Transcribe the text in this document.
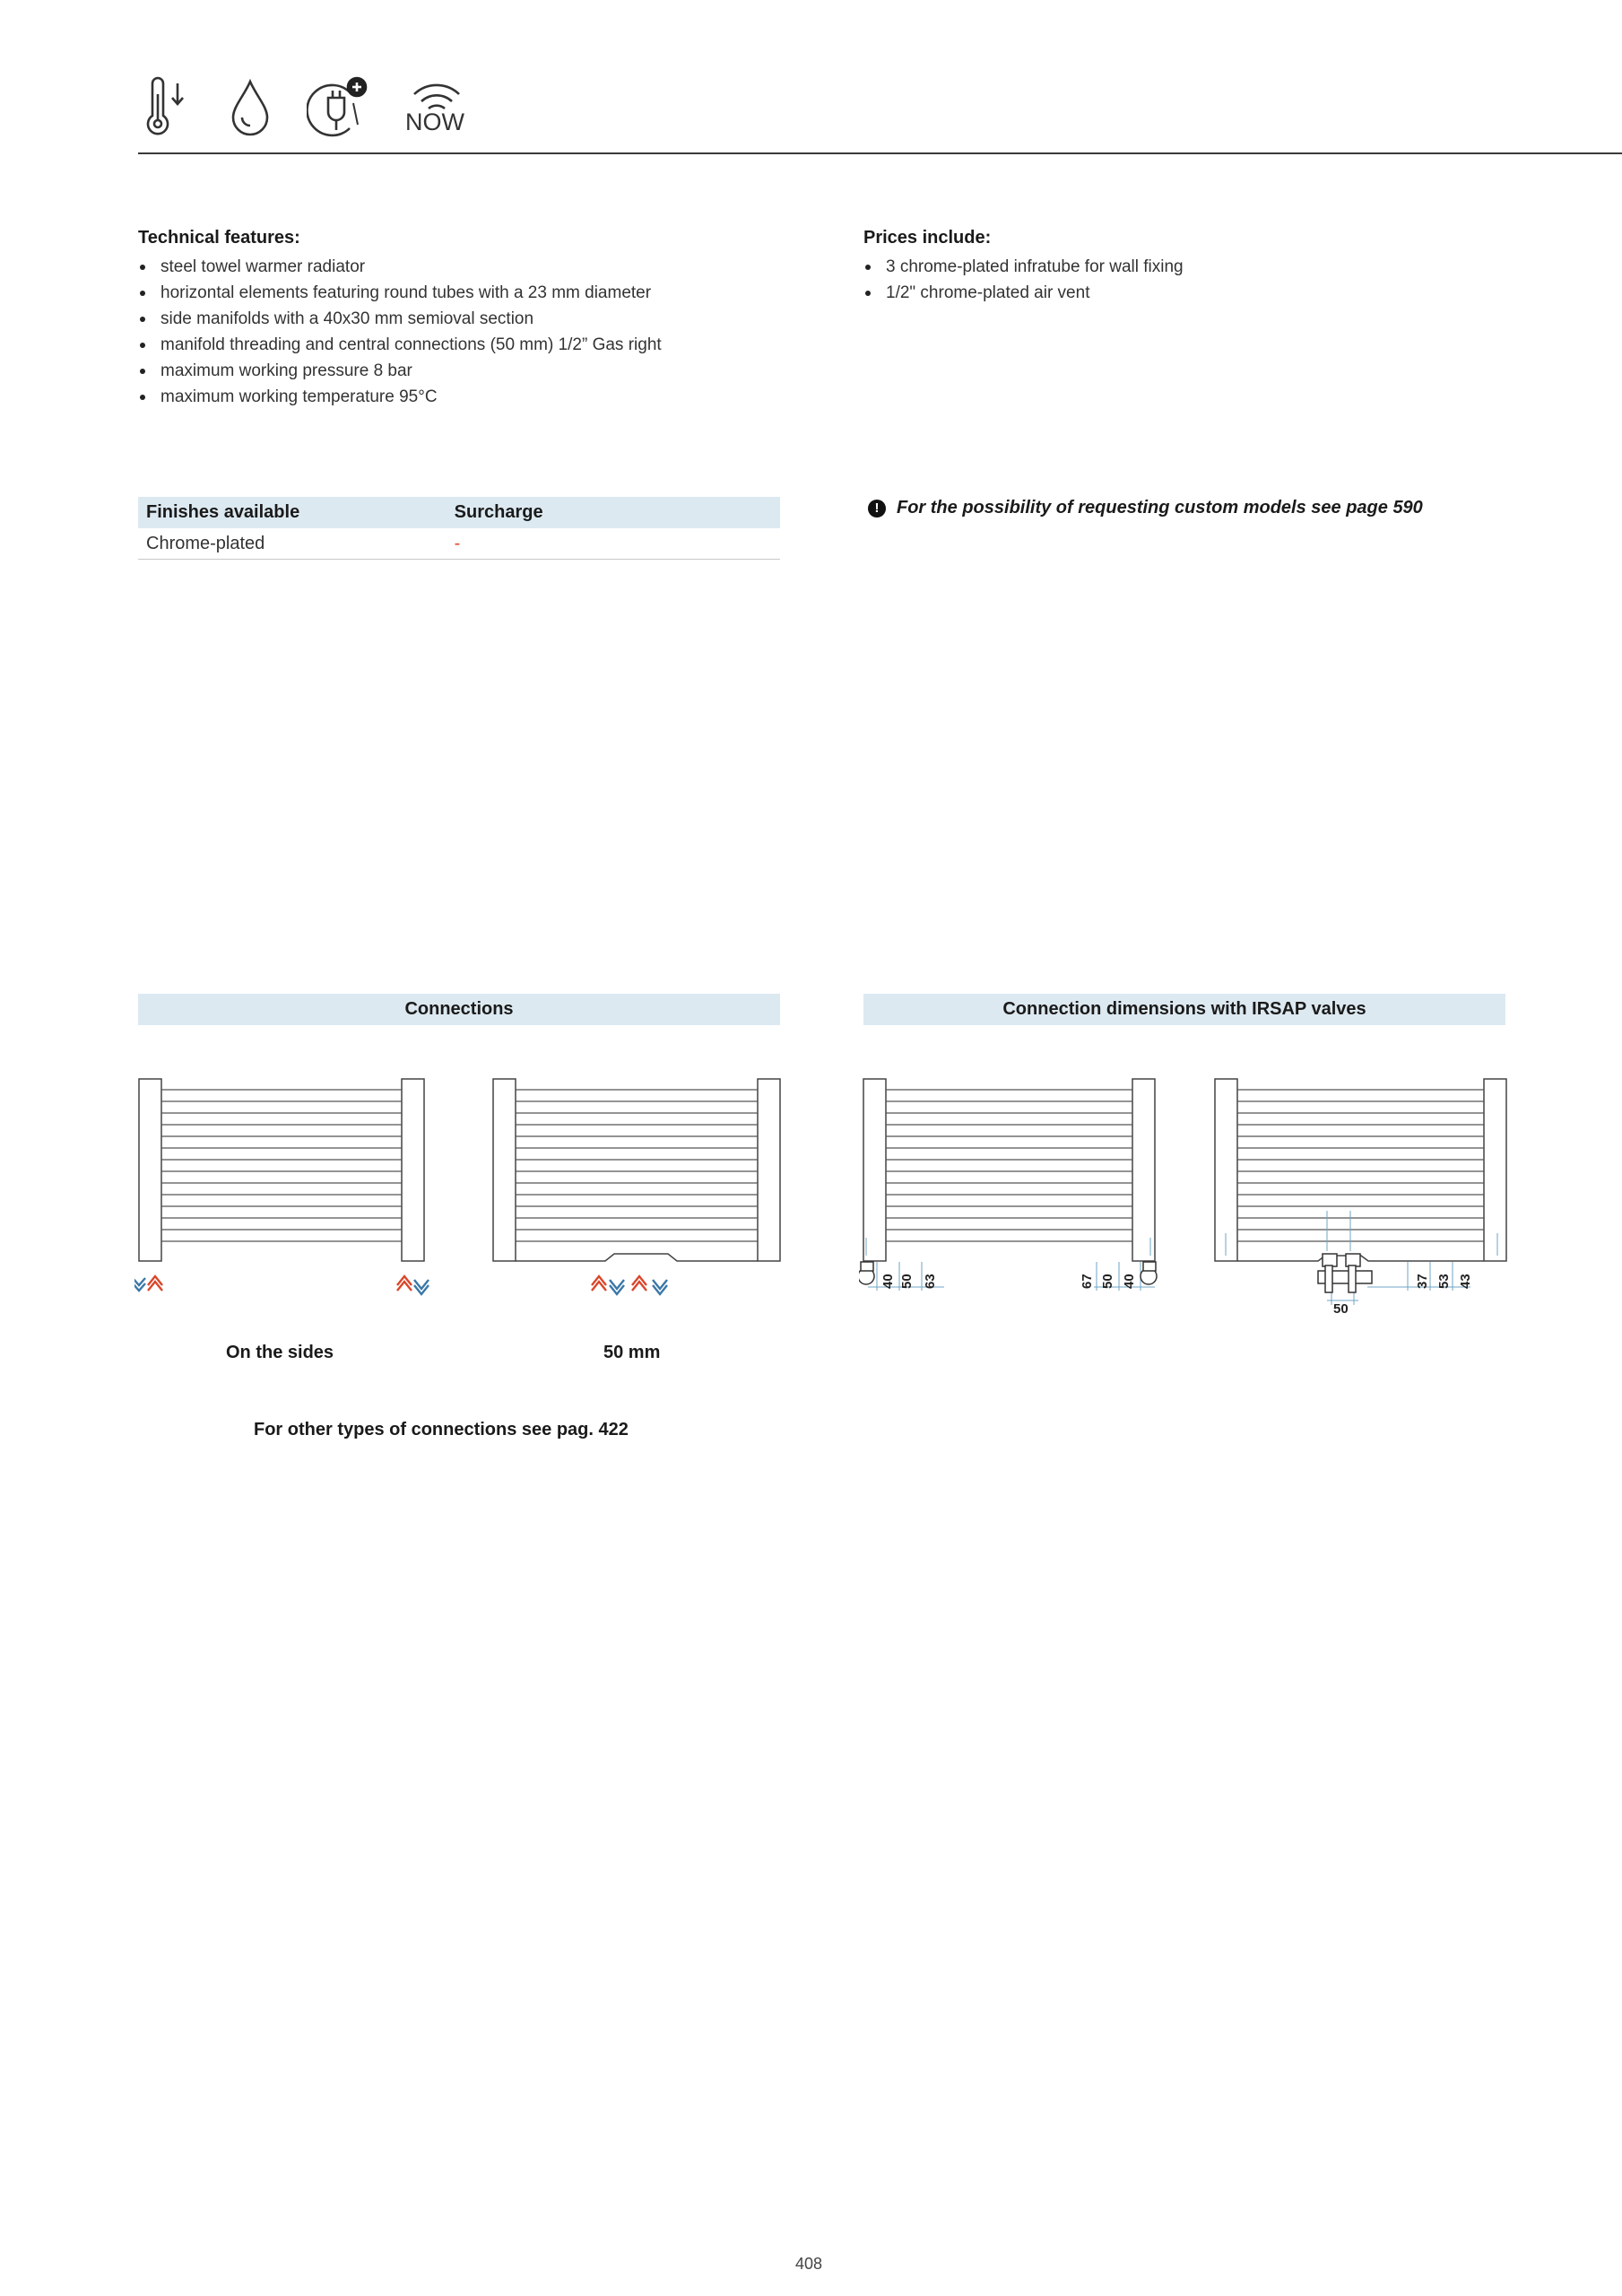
NOW
Technical features:
steel towel warmer radiator
horizontal elements featuring round tubes with a 23 mm diameter
side manifolds with a 40x30 mm semioval section
manifold threading and central connections (50 mm) 1/2” Gas right
maximum working pressure 8 bar
maximum working temperature 95°C
Prices include:
3 chrome-plated infratube for wall fixing
1/2" chrome-plated air vent
Finishes available	Surcharge
Chrome-plated	-
! For the possibility of requesting custom models see page 590
Connections
On the sides	50 mm
For other types of connections see pag. 422
Connection dimensions with IRSAP valves
40 50 63	67 50 40	37 53 43
50
408
